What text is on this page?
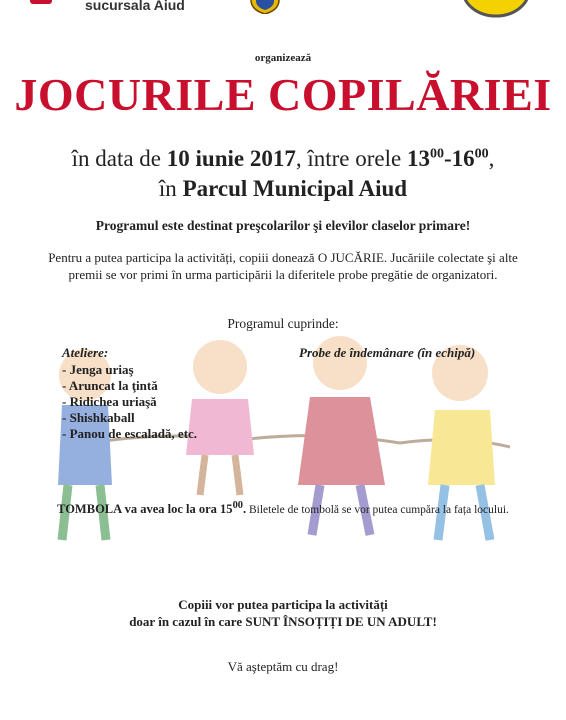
sucursala Aiud
organizează
JOCURILE COPILĂRIEI
în data de 10 iunie 2017, între orele $13^{00}-16^{00}$,
în Parcul Municipal Aiud
Programul este destinat preşcolarilor şi elevilor claselor primare!
Pentru a putea participa la activități, copiii donează O JUCĂRIE. Jucăriile colectate şi alte premii se vor primi în urma participării la diferitele probe pregătie de organizatori.
Programul cuprinde:
Ateliere:	Probe de îndemânare (în echipă)
- Jenga uriaş
- Aruncat la ţintă
- Ridichea uriaşă
- Shishkaball
- Panou de escaladă, etc.
TOMBOLA va avea loc la ora $15^{00}$. Biletele de tombolă se vor putea cumpăra la fața locului.
Copiii vor putea participa la activități
doar în cazul în care SUNT ÎNSOȚIȚI DE UN ADULT!
Vă aşteptăm cu drag!
